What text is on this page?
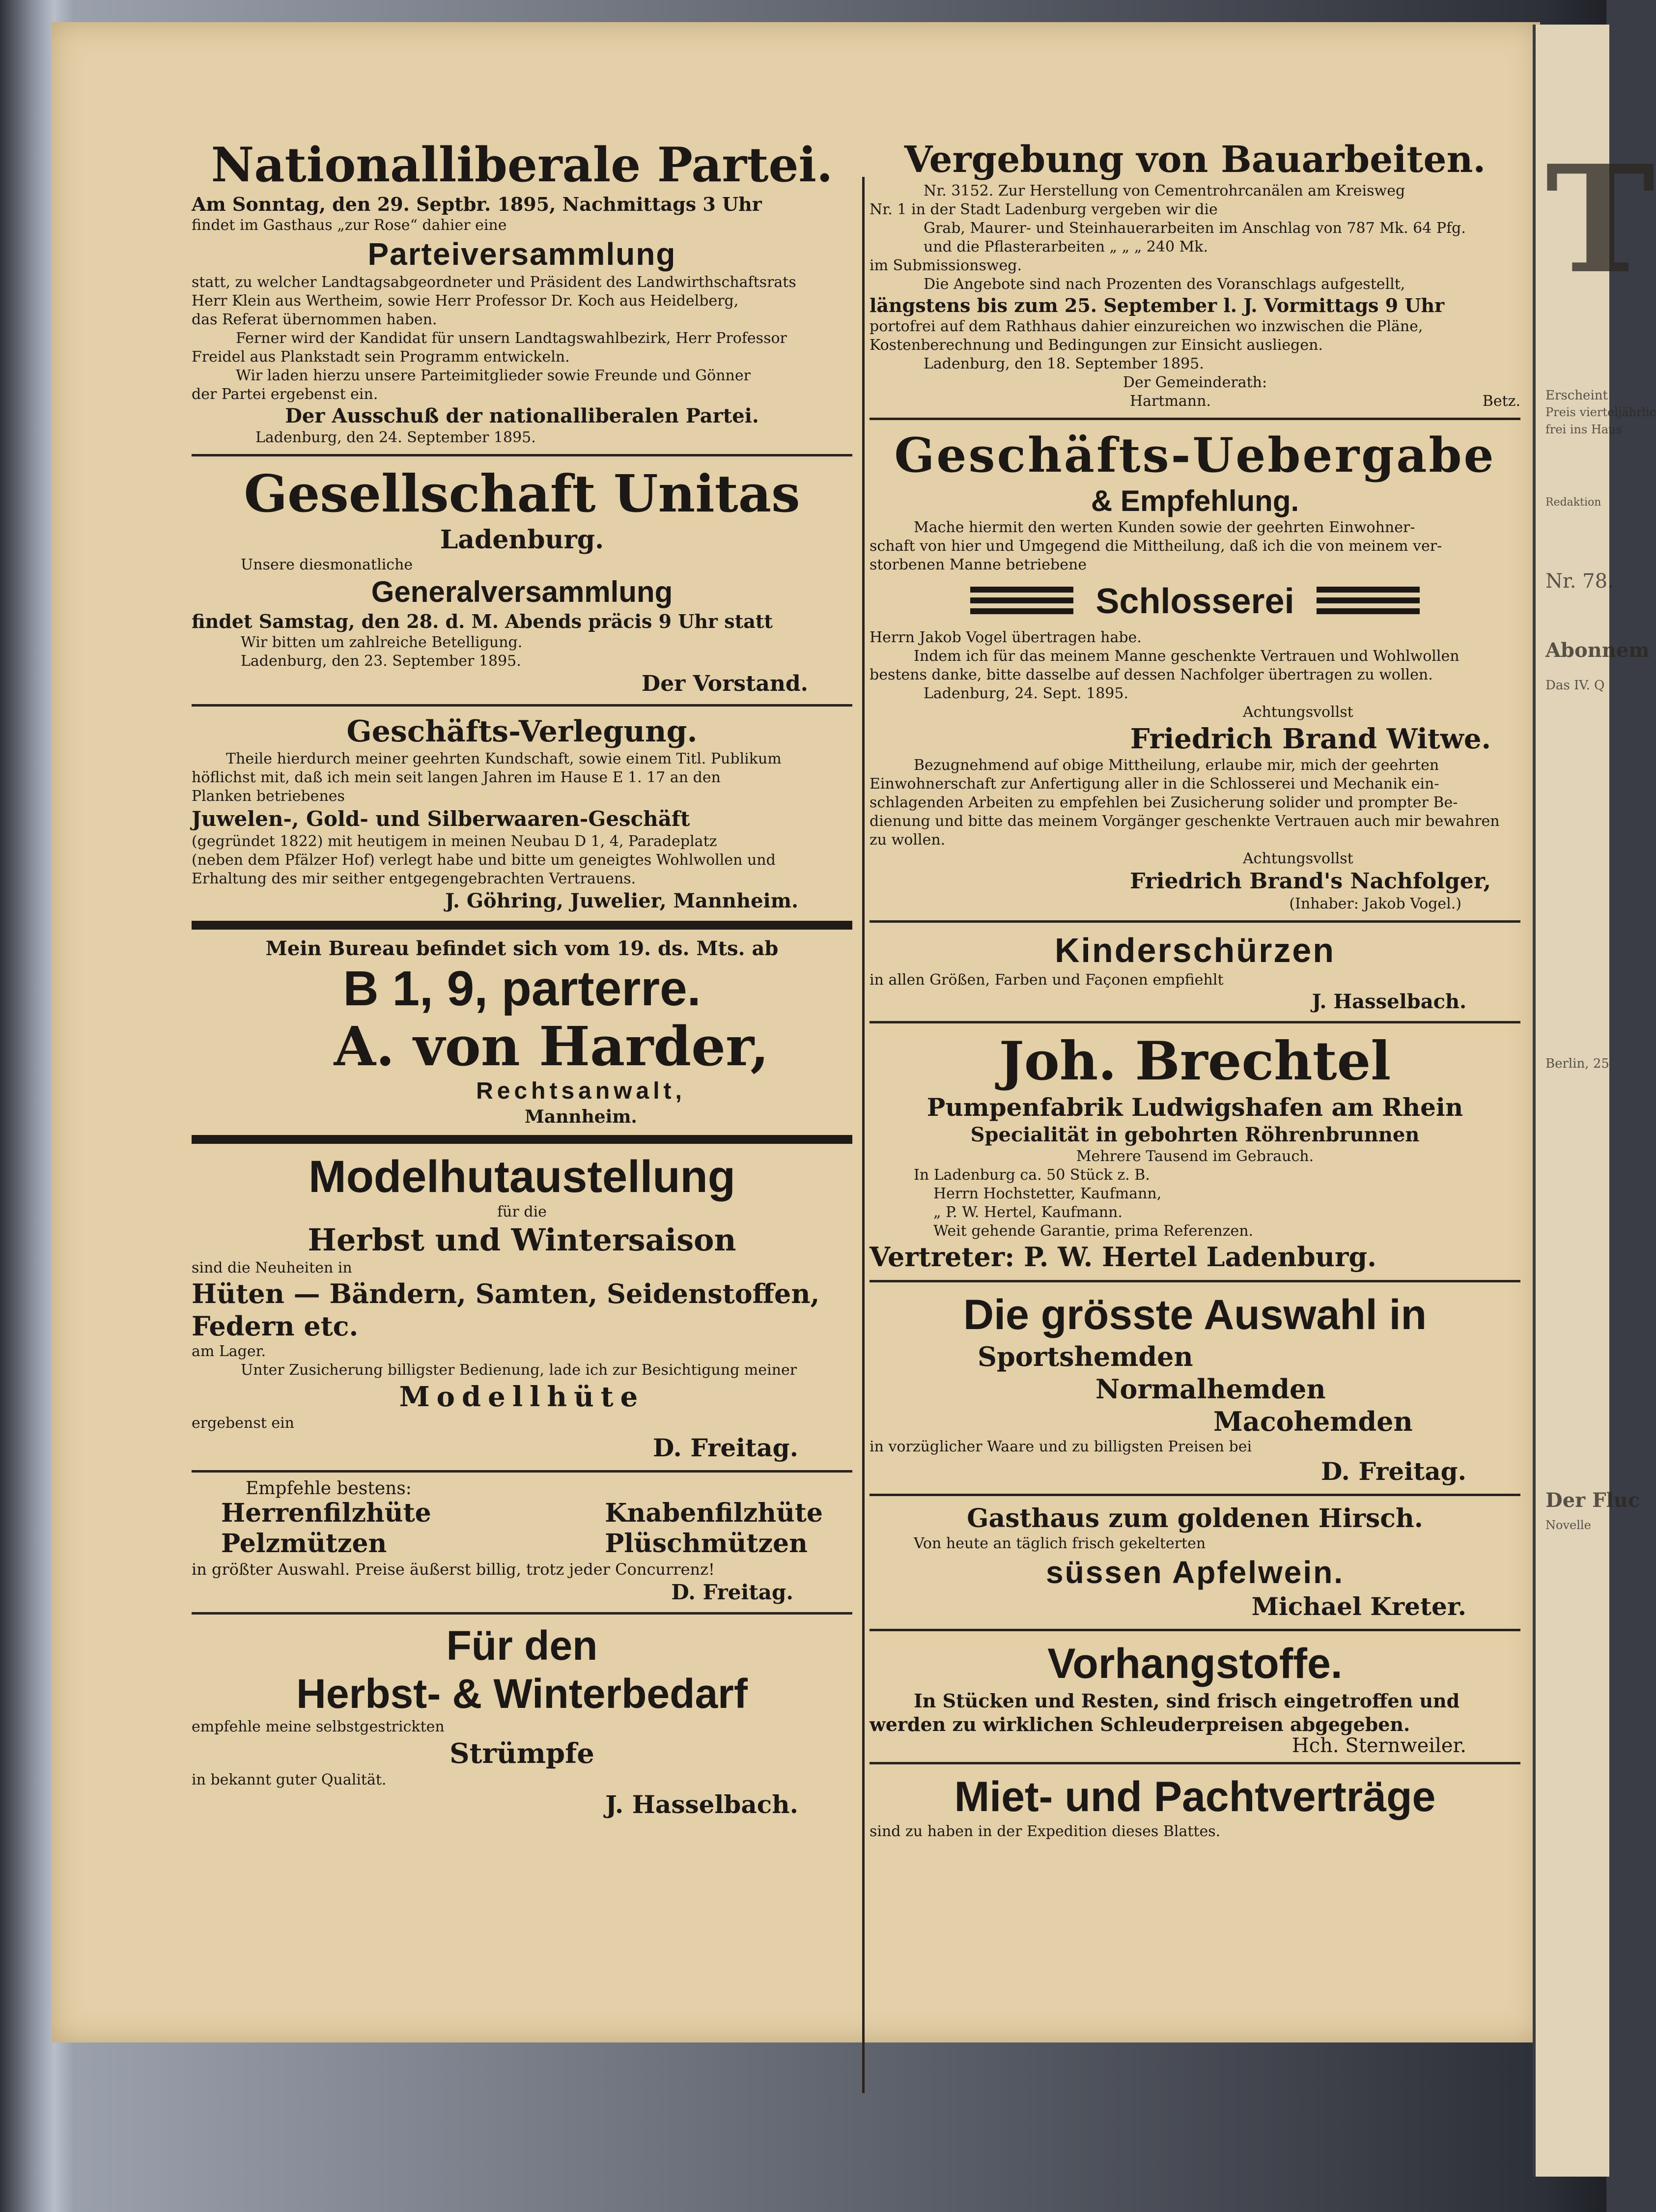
T
Erscheint
Preis vierteljährlic
frei ins Haus
Redaktion
Nr. 78.
Abonnem
Das IV. Q
Berlin, 25
Der Fluc
Novelle
Nationalliberale Partei.
Am Sonntag, den 29. Septbr. 1895, Nachmittags 3 Uhr
findet im Gasthaus „zur Rose“ dahier eine
Parteiversammlung
statt, zu welcher Landtagsabgeordneter und Präsident des Landwirthschaftsrats
Herr Klein aus Wertheim, sowie Herr Professor Dr. Koch aus Heidelberg,
das Referat übernommen haben.
Ferner wird der Kandidat für unsern Landtagswahlbezirk, Herr Professor
Freidel aus Plankstadt sein Programm entwickeln.
Wir laden hierzu unsere Parteimitglieder sowie Freunde und Gönner
der Partei ergebenst ein.
Der Ausschuß der nationalliberalen Partei.
Ladenburg, den 24. September 1895.
Gesellschaft Unitas
Ladenburg.
Unsere diesmonatliche
Generalversammlung
findet Samstag, den 28. d. M. Abends präcis 9 Uhr statt
Wir bitten um zahlreiche Betelligung.
Ladenburg, den 23. September 1895.
Der Vorstand.
Geschäfts-Verlegung.
Theile hierdurch meiner geehrten Kundschaft, sowie einem Titl. Publikum
höflichst mit, daß ich mein seit langen Jahren im Hause E 1. 17 an den
Planken betriebenes
Juwelen-, Gold- und Silberwaaren-Geschäft
(gegründet 1822) mit heutigem in meinen Neubau D 1, 4, Paradeplatz
(neben dem Pfälzer Hof) verlegt habe und bitte um geneigtes Wohlwollen und
Erhaltung des mir seither entgegengebrachten Vertrauens.
J. Göhring, Juwelier, Mannheim.
Mein Bureau befindet sich vom 19. ds. Mts. ab
B 1, 9, parterre.
A. von Harder,
Rechtsanwalt,
Mannheim.
Modelhutaustellung
für die
Herbst und Wintersaison
sind die Neuheiten in
Hüten — Bändern, Samten, Seidenstoffen, Federn etc.
am Lager.
Unter Zusicherung billigster Bedienung, lade ich zur Besichtigung meiner
Modellhüte
ergebenst ein
D. Freitag.
Empfehle bestens:
Herrenfilzhüte
Pelzmützen
Knabenfilzhüte
Plüschmützen
in größter Auswahl. Preise äußerst billig, trotz jeder Concurrenz!
D. Freitag.
Für den
Herbst- & Winterbedarf
empfehle meine selbstgestrickten
Strümpfe
in bekannt guter Qualität.
J. Hasselbach.
Vergebung von Bauarbeiten.
Nr. 3152. Zur Herstellung von Cementrohrcanälen am Kreisweg
Nr. 1 in der Stadt Ladenburg vergeben wir die
Grab, Maurer- und Steinhauerarbeiten im Anschlag von 787 Mk. 64 Pfg.
und die Pflasterarbeiten „ „ „ 240 Mk.
im Submissionsweg.
Die Angebote sind nach Prozenten des Voranschlags aufgestellt,
längstens bis zum 25. September l. J. Vormittags 9 Uhr
portofrei auf dem Rathhaus dahier einzureichen wo inzwischen die Pläne,
Kostenberechnung und Bedingungen zur Einsicht ausliegen.
Ladenburg, den 18. September 1895.
Der Gemeinderath:
Hartmann.	Betz.
Geschäfts-Uebergabe
& Empfehlung.
Mache hiermit den werten Kunden sowie der geehrten Einwohner-
schaft von hier und Umgegend die Mittheilung, daß ich die von meinem ver-
storbenen Manne betriebene
Schlosserei
Herrn Jakob Vogel übertragen habe.
Indem ich für das meinem Manne geschenkte Vertrauen und Wohlwollen
bestens danke, bitte dasselbe auf dessen Nachfolger übertragen zu wollen.
Ladenburg, 24. Sept. 1895.
Achtungsvollst
Friedrich Brand Witwe.
Bezugnehmend auf obige Mittheilung, erlaube mir, mich der geehrten
Einwohnerschaft zur Anfertigung aller in die Schlosserei und Mechanik ein-
schlagenden Arbeiten zu empfehlen bei Zusicherung solider und prompter Be-
dienung und bitte das meinem Vorgänger geschenkte Vertrauen auch mir bewahren
zu wollen.
Achtungsvollst
Friedrich Brand's Nachfolger,
(Inhaber: Jakob Vogel.)
Kinderschürzen
in allen Größen, Farben und Façonen empfiehlt
J. Hasselbach.
Joh. Brechtel
Pumpenfabrik Ludwigshafen am Rhein
Specialität in gebohrten Röhrenbrunnen
Mehrere Tausend im Gebrauch.
In Ladenburg ca. 50 Stück z. B.
Herrn Hochstetter, Kaufmann,
„ P. W. Hertel, Kaufmann.
Weit gehende Garantie, prima Referenzen.
Vertreter: P. W. Hertel Ladenburg.
Die grösste Auswahl in
Sportshemden
Normalhemden
Macohemden
in vorzüglicher Waare und zu billigsten Preisen bei
D. Freitag.
Gasthaus zum goldenen Hirsch.
Von heute an täglich frisch gekelterten
süssen Apfelwein.
Michael Kreter.
Vorhangstoffe.
In Stücken und Resten, sind frisch eingetroffen und
werden zu wirklichen Schleuderpreisen abgegeben.
Hch. Sternweiler.
Miet- und Pachtverträge
sind zu haben in der Expedition dieses Blattes.
